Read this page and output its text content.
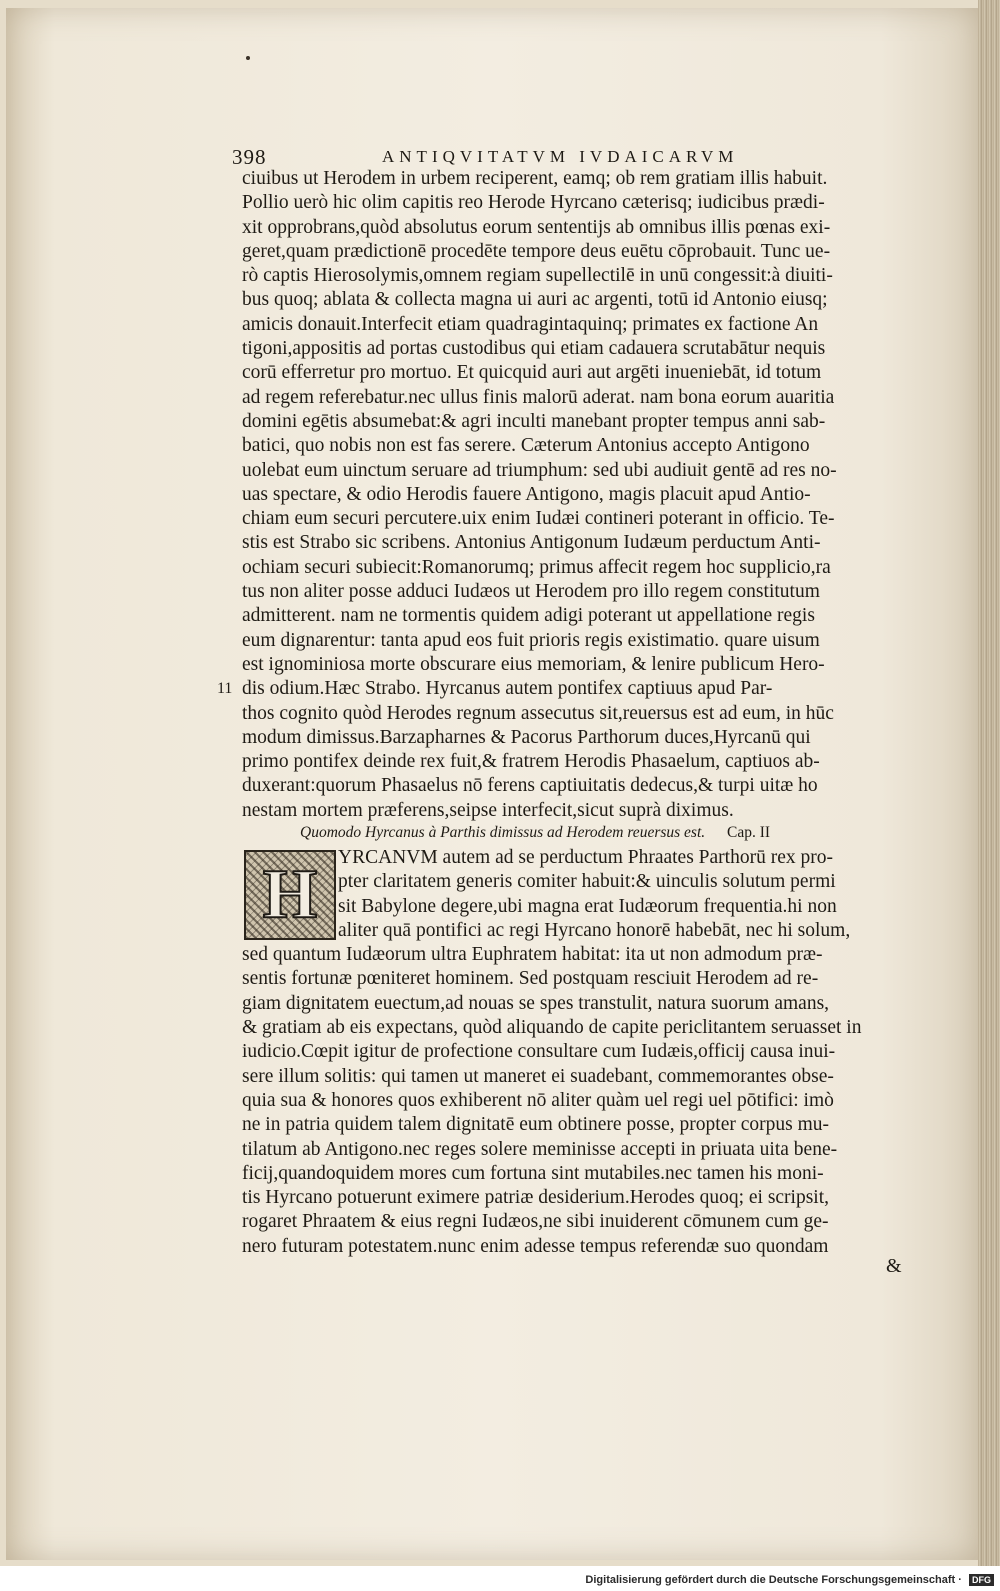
398	ANTIQVITATVM IVDAICARVM
ciuibus ut Herodem in urbem reciperent, eamq; ob rem gratiam illis habuit.
Pollio uerò hic olim capitis reo Herode Hyrcano cæterisq; iudicibus prædi-
xit opprobrans,quòd absolutus eorum sententijs ab omnibus illis pœnas exi-
geret,quam prædictionē procedēte tempore deus euētu cōprobauit. Tunc ue-
rò captis Hierosolymis,omnem regiam supellectilē in unū congessit:à diuiti-
bus quoq; ablata & collecta magna ui auri ac argenti, totū id Antonio eiusq;
amicis donauit.Interfecit etiam quadragintaquinq; primates ex factione An
tigoni,appositis ad portas custodibus qui etiam cadauera scrutabātur nequis
corū efferretur pro mortuo. Et quicquid auri aut argēti inueniebāt, id totum
ad regem referebatur.nec ullus finis malorū aderat. nam bona eorum auaritia
domini egētis absumebat:& agri inculti manebant propter tempus anni sab-
batici, quo nobis non est fas serere. Cæterum Antonius accepto Antigono
uolebat eum uinctum seruare ad triumphum: sed ubi audiuit gentē ad res no-
uas spectare, & odio Herodis fauere Antigono, magis placuit apud Antio-
chiam eum securi percutere.uix enim Iudæi contineri poterant in officio. Te-
stis est Strabo sic scribens. Antonius Antigonum Iudæum perductum Anti-
ochiam securi subiecit:Romanorumq; primus affecit regem hoc supplicio,ra
tus non aliter posse adduci Iudæos ut Herodem pro illo regem constitutum
admitterent. nam ne tormentis quidem adigi poterant ut appellatione regis
eum dignarentur: tanta apud eos fuit prioris regis existimatio. quare uisum
est ignominiosa morte obscurare eius memoriam, & lenire publicum Hero-
dis odium.Hæc Strabo. Hyrcanus autem pontifex captiuus apud Par-
thos cognito quòd Herodes regnum assecutus sit,reuersus est ad eum, in hūc
modum dimissus.Barzapharnes & Pacorus Parthorum duces,Hyrcanū qui
primo pontifex deinde rex fuit,& fratrem Herodis Phasaelum, captiuos ab-
duxerant:quorum Phasaelus nō ferens captiuitatis dedecus,& turpi uitæ ho
nestam mortem præferens,seipse interfecit,sicut suprà diximus.
11
Quomodo Hyrcanus à Parthis dimissus ad Herodem reuersus est. Cap. II
H	YRCANVM autem ad se perductum Phraates Parthorū rex pro-
pter claritatem generis comiter habuit:& uinculis solutum permi
sit Babylone degere,ubi magna erat Iudæorum frequentia.hi non
aliter quā pontifici ac regi Hyrcano honorē habebāt, nec hi solum,
sed quantum Iudæorum ultra Euphratem habitat: ita ut non admodum præ-
sentis fortunæ pœniteret hominem. Sed postquam resciuit Herodem ad re-
giam dignitatem euectum,ad nouas se spes transtulit, natura suorum amans,
& gratiam ab eis expectans, quòd aliquando de capite periclitantem seruasset in
iudicio.Cœpit igitur de profectione consultare cum Iudæis,officij causa inui-
sere illum solitis: qui tamen ut maneret ei suadebant, commemorantes obse-
quia sua & honores quos exhiberent nō aliter quàm uel regi uel pōtifici: imò
ne in patria quidem talem dignitatē eum obtinere posse, propter corpus mu-
tilatum ab Antigono.nec reges solere meminisse accepti in priuata uita bene-
ficij,quandoquidem mores cum fortuna sint mutabiles.nec tamen his moni-
tis Hyrcano potuerunt eximere patriæ desiderium.Herodes quoq; ei scripsit,
rogaret Phraatem & eius regni Iudæos,ne sibi inuiderent cōmunem cum ge-
nero futuram potestatem.nunc enim adesse tempus referendæ suo quondam
&
Digitalisierung gefördert durch die Deutsche Forschungsgemeinschaft · DFG
